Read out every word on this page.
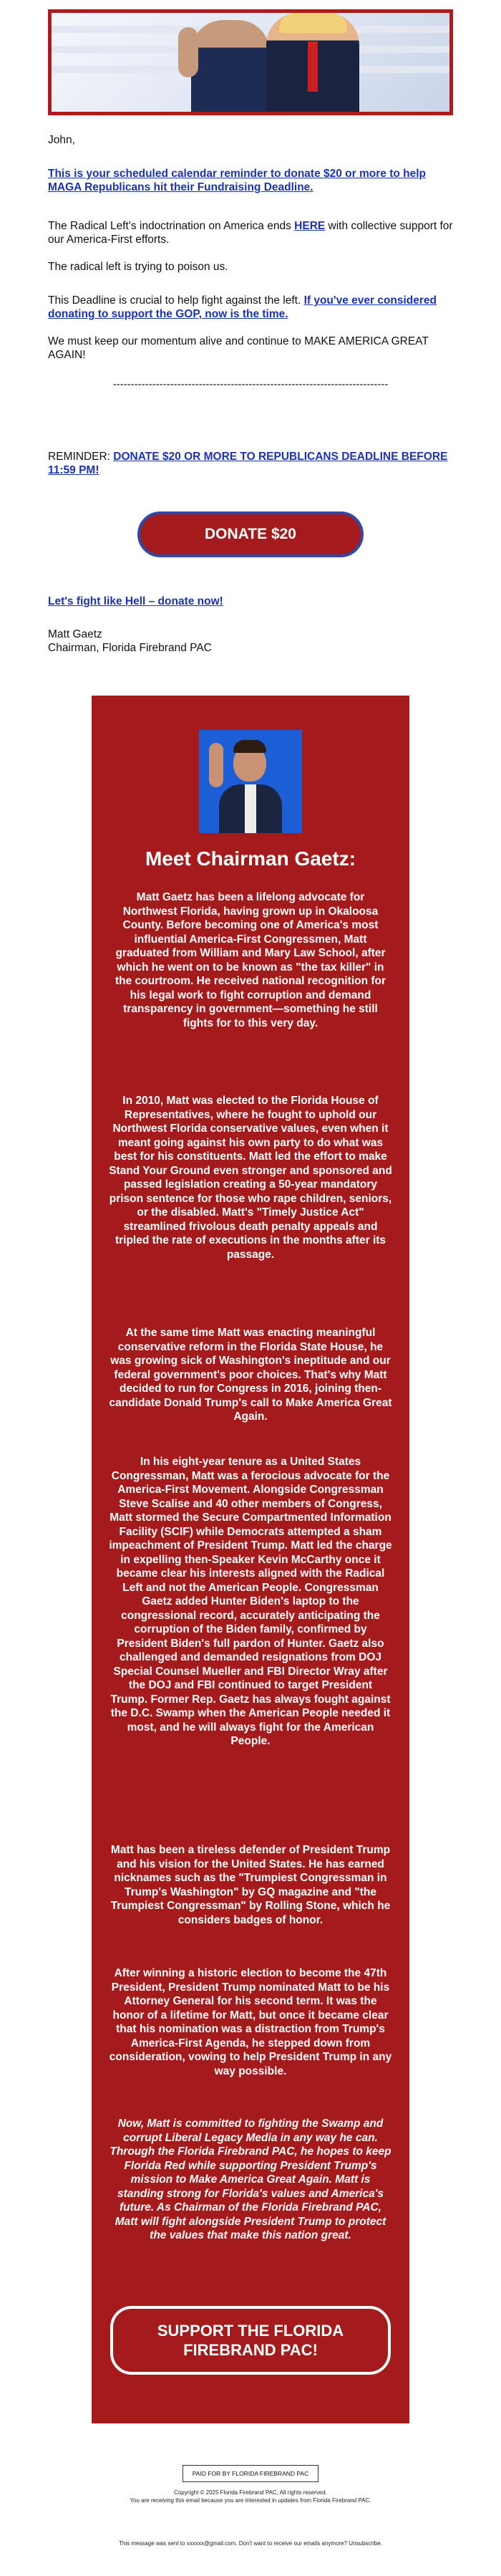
John,
This is your scheduled calendar reminder to donate $20 or more to help MAGA Republicans hit their Fundraising Deadline.
The Radical Left's indoctrination on America ends HERE with collective support for our America-First efforts.
The radical left is trying to poison us.
This Deadline is crucial to help fight against the left. If you've ever considered donating to support the GOP, now is the time.
We must keep our momentum alive and continue to MAKE AMERICA GREAT AGAIN!
-----------------------------------------------------------------------------
REMINDER: DONATE $20 OR MORE TO REPUBLICANS DEADLINE BEFORE 11:59 PM!
DONATE $20
Let's fight like Hell – donate now!
Matt Gaetz
Chairman, Florida Firebrand PAC
Meet Chairman Gaetz:

Matt Gaetz has been a lifelong advocate for Northwest Florida, having grown up in Okaloosa County. Before becoming one of America's most influential America-First Congressmen, Matt graduated from William and Mary Law School, after which he went on to be known as "the tax killer" in the courtroom. He received national recognition for his legal work to fight corruption and demand transparency in government—something he still fights for to this very day.

In 2010, Matt was elected to the Florida House of Representatives, where he fought to uphold our Northwest Florida conservative values, even when it meant going against his own party to do what was best for his constituents. Matt led the effort to make Stand Your Ground even stronger and sponsored and passed legislation creating a 50-year mandatory prison sentence for those who rape children, seniors, or the disabled. Matt's "Timely Justice Act" streamlined frivolous death penalty appeals and tripled the rate of executions in the months after its passage.

At the same time Matt was enacting meaningful conservative reform in the Florida State House, he was growing sick of Washington's ineptitude and our federal government's poor choices. That's why Matt decided to run for Congress in 2016, joining then-candidate Donald Trump's call to Make America Great Again.

In his eight-year tenure as a United States Congressman, Matt was a ferocious advocate for the America-First Movement. Alongside Congressman Steve Scalise and 40 other members of Congress, Matt stormed the Secure Compartmented Information Facility (SCIF) while Democrats attempted a sham impeachment of President Trump. Matt led the charge in expelling then-Speaker Kevin McCarthy once it became clear his interests aligned with the Radical Left and not the American People. Congressman Gaetz added Hunter Biden's laptop to the congressional record, accurately anticipating the corruption of the Biden family, confirmed by President Biden's full pardon of Hunter. Gaetz also challenged and demanded resignations from DOJ Special Counsel Mueller and FBI Director Wray after the DOJ and FBI continued to target President Trump. Former Rep. Gaetz has always fought against the D.C. Swamp when the American People needed it most, and he will always fight for the American People.

Matt has been a tireless defender of President Trump and his vision for the United States. He has earned nicknames such as the "Trumpiest Congressman in Trump's Washington" by GQ magazine and "the Trumpiest Congressman" by Rolling Stone, which he considers badges of honor.

After winning a historic election to become the 47th President, President Trump nominated Matt to be his Attorney General for his second term. It was the honor of a lifetime for Matt, but once it became clear that his nomination was a distraction from Trump's America-First Agenda, he stepped down from consideration, vowing to help President Trump in any way possible.

Now, Matt is committed to fighting the Swamp and corrupt Liberal Legacy Media in any way he can. Through the Florida Firebrand PAC, he hopes to keep Florida Red while supporting President Trump's mission to Make America Great Again. Matt is standing strong for Florida's values and America's future. As Chairman of the Florida Firebrand PAC, Matt will fight alongside President Trump to protect the values that make this nation great.

SUPPORT THE FLORIDA FIREBRAND PAC!
PAID FOR BY FLORIDA FIREBRAND PAC
Copyright © 2025 Florida Firebrand PAC, All rights reserved.
You are receiving this email because you are interested in updates from Florida Firebrand PAC.
This message was sent to xxxxxx@gmail.com. Don't want to receive our emails anymore? Unsubscribe.
